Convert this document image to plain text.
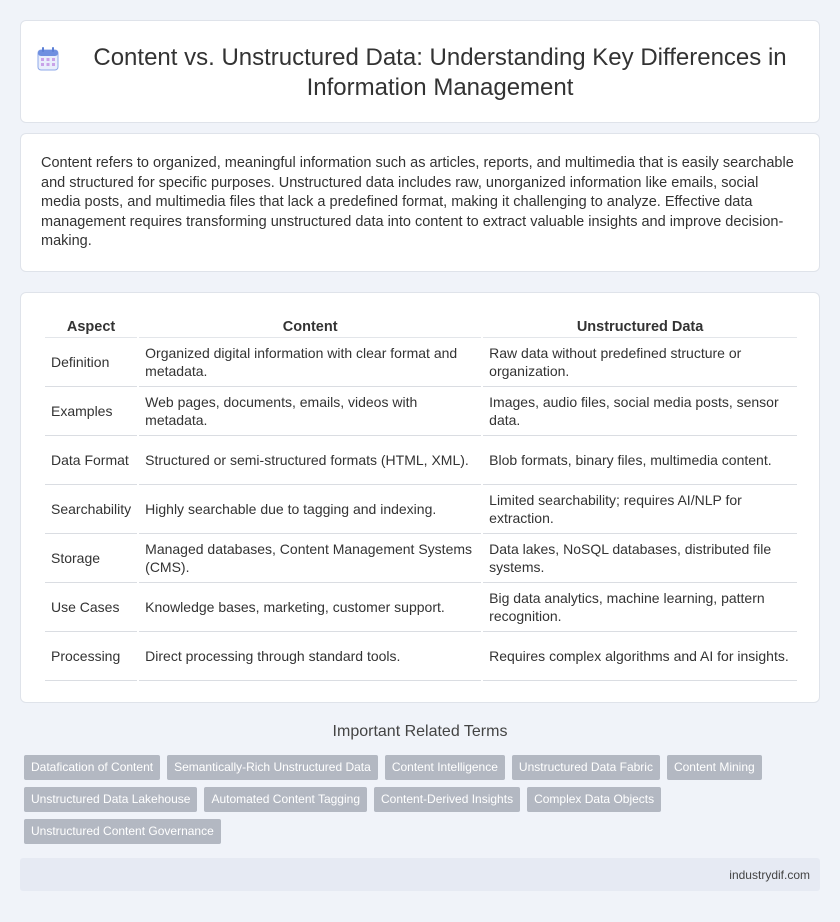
Content vs. Unstructured Data: Understanding Key Differences in Information Management

Content refers to organized, meaningful information such as articles, reports, and multimedia that is easily searchable and structured for specific purposes. Unstructured data includes raw, unorganized information like emails, social media posts, and multimedia files that lack a predefined format, making it challenging to analyze. Effective data management requires transforming unstructured data into content to extract valuable insights and improve decision-making.

Aspect	Content	Unstructured Data
Definition	Organized digital information with clear format and metadata.	Raw data without predefined structure or organization.
Examples	Web pages, documents, emails, videos with metadata.	Images, audio files, social media posts, sensor data.
Data Format	Structured or semi-structured formats (HTML, XML).	Blob formats, binary files, multimedia content.
Searchability	Highly searchable due to tagging and indexing.	Limited searchability; requires AI/NLP for extraction.
Storage	Managed databases, Content Management Systems (CMS).	Data lakes, NoSQL databases, distributed file systems.
Use Cases	Knowledge bases, marketing, customer support.	Big data analytics, machine learning, pattern recognition.
Processing	Direct processing through standard tools.	Requires complex algorithms and AI for insights.
Important Related Terms
Datafication of Content	Semantically-Rich Unstructured Data	Content Intelligence	Unstructured Data Fabric	Content Mining
Unstructured Data Lakehouse	Automated Content Tagging	Content-Derived Insights	Complex Data Objects
Unstructured Content Governance
industrydif.com
